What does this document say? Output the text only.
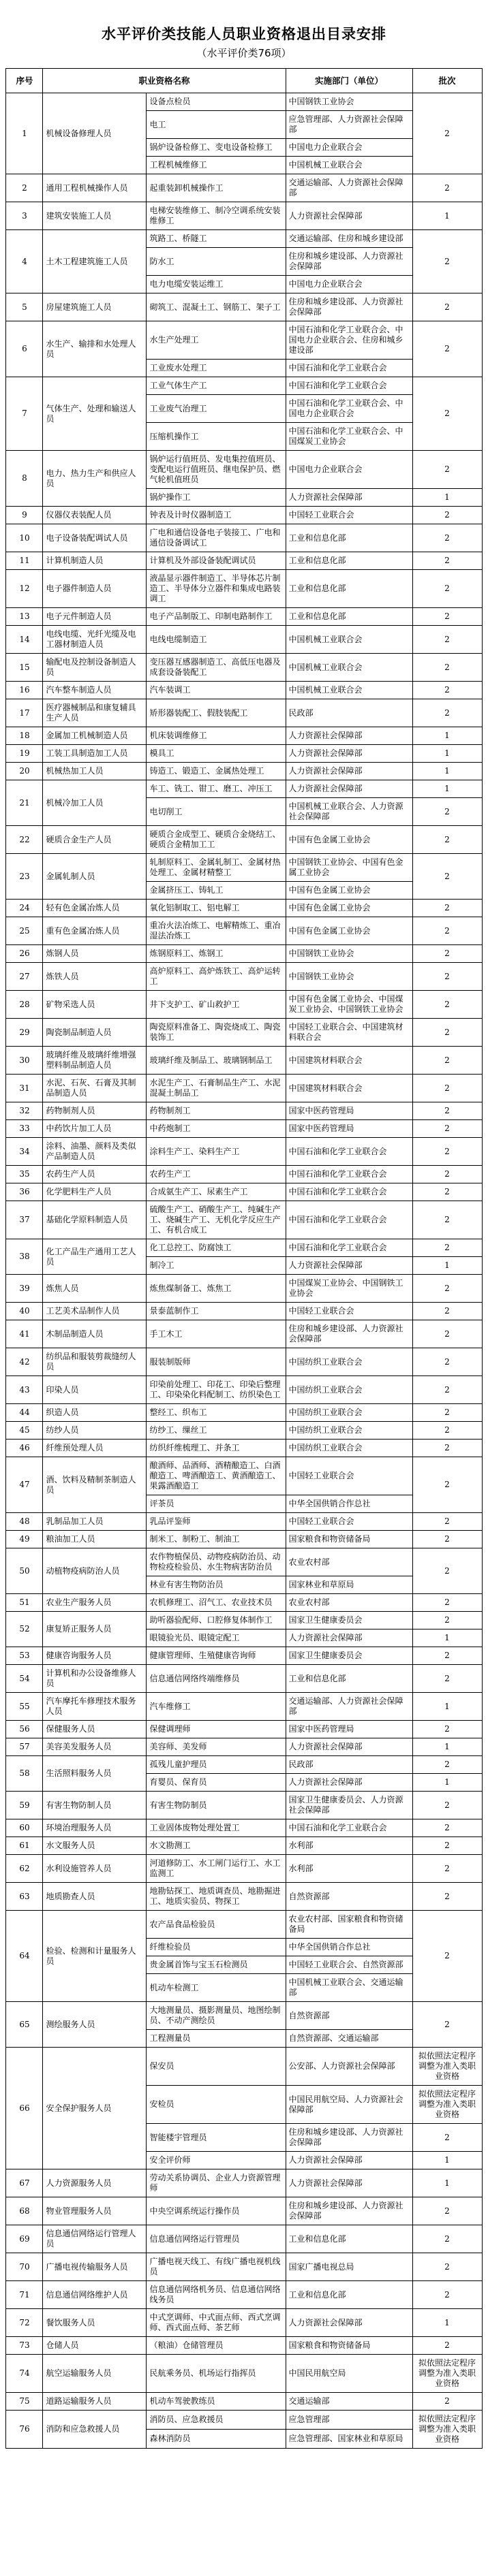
水平评价类技能人员职业资格退出目录安排
（水平评价类76项）
序号	职业资格名称		实施部门（单位）	批次
1	机械设备修理人员	设备点检员	中国钢铁工业协会	2
		电工	应急管理部、人力资源社会保障部	
		锅炉设备检修工、变电设备检修工	中国电力企业联合会	
		工程机械维修工	中国机械工业联合会	
2	通用工程机械操作人员	起重装卸机械操作工	交通运输部、人力资源社会保障部	2
3	建筑安装施工人员	电梯安装维修工、制冷空调系统安装维修工	人力资源社会保障部	1
4	土木工程建筑施工人员	筑路工、桥隧工	交通运输部、住房和城乡建设部	2
		防水工	住房和城乡建设部、人力资源社会保障部	
		电力电缆安装运维工	中国电力企业联合会	
5	房屋建筑施工人员	砌筑工、混凝土工、钢筋工、架子工	住房和城乡建设部、人力资源社会保障部	2
6	水生产、输排和水处理人员	水生产处理工	中国石油和化学工业联合会、中国电力企业联合会、住房和城乡建设部	2
		工业废水处理工	中国石油和化学工业联合会	
7	气体生产、处理和输送人员	工业气体生产工	中国石油和化学工业联合会	2
		工业废气治理工	中国石油和化学工业联合会、中国电力企业联合会	
		压缩机操作工	中国石油和化学工业联合会、中国煤炭工业协会	
8	电力、热力生产和供应人员	锅炉运行值班员、发电集控值班员、变配电运行值班员、继电保护员、燃气轮机值班员	中国电力企业联合会	2
		锅炉操作工	人力资源社会保障部	1
9	仪器仪表装配人员	钟表及计时仪器制造工	中国轻工业联合会	2
10	电子设备装配调试人员	广电和通信设备电子装接工、广电和通信设备调试工	工业和信息化部	2
11	计算机制造人员	计算机及外部设备装配调试员	工业和信息化部	2
12	电子器件制造人员	液晶显示器件制造工、半导体芯片制造工、半导体分立器件和集成电路装调工	工业和信息化部	2
13	电子元件制造人员	电子产品制版工、印制电路制作工	工业和信息化部	2
14	电线电缆、光纤光缆及电工器材制造人员	电线电缆制造工	中国机械工业联合会	2
15	输配电及控制设备制造人员	变压器互感器制造工、高低压电器及成套设备装配工	中国机械工业联合会	2
16	汽车整车制造人员	汽车装调工	中国机械工业联合会	2
17	医疗器械制品和康复辅具生产人员	矫形器装配工、假肢装配工	民政部	2
18	金属加工机械制造人员	机床装调维修工	人力资源社会保障部	1
19	工装工具制造加工人员	模具工	人力资源社会保障部	1
20	机械热加工人员	铸造工、锻造工、金属热处理工	人力资源社会保障部	1
21	机械冷加工人员	车工、铣工、钳工、磨工、冲压工	人力资源社会保障部	1
		电切削工	中国机械工业联合会、人力资源社会保障部	2
22	硬质合金生产人员	硬质合金成型工、硬质合金烧结工、硬质合金精加工工	中国有色金属工业协会	2
23	金属轧制人员	轧制原料工、金属轧制工、金属材热处理工、金属材精整工	中国钢铁工业协会、中国有色金属工业协会	2
		金属挤压工、铸轧工	中国有色金属工业协会	
24	轻有色金属冶炼人员	氧化铝制取工、铝电解工	中国有色金属工业协会	2
25	重有色金属冶炼人员	重冶火法冶炼工、电解精炼工、重冶湿法冶炼工	中国有色金属工业协会	2
26	炼钢人员	炼钢原料工、炼钢工	中国钢铁工业协会	2
27	炼铁人员	高炉原料工、高炉炼铁工、高炉运转工	中国钢铁工业协会	2
28	矿物采选人员	井下支护工、矿山救护工	中国有色金属工业协会、中国煤炭工业协会、中国钢铁工业协会	2
29	陶瓷制品制造人员	陶瓷原料准备工、陶瓷烧成工、陶瓷装饰工	中国轻工业联合会、中国建筑材料联合会	2
30	玻璃纤维及玻璃纤维增强塑料制品制造人员	玻璃纤维及制品工、玻璃钢制品工	中国建筑材料联合会	2
31	水泥、石灰、石膏及其制品制造人员	水泥生产工、石膏制品生产工、水泥混凝土制品工	中国建筑材料联合会	2
32	药物制剂人员	药物制剂工	国家中医药管理局	2
33	中药饮片加工人员	中药炮制工	国家中医药管理局	2
34	涂料、油墨、颜料及类似产品制造人员	涂料生产工、染料生产工	中国石油和化学工业联合会	2
35	农药生产人员	农药生产工	中国石油和化学工业联合会	2
36	化学肥料生产人员	合成氨生产工、尿素生产工	中国石油和化学工业联合会	2
37	基础化学原料制造人员	硫酸生产工、硝酸生产工、纯碱生产工、烧碱生产工、无机化学反应生产工、有机合成工	中国石油和化学工业联合会	2
38	化工产品生产通用工艺人员	化工总控工、防腐蚀工	中国石油和化学工业联合会	2
		制冷工	人力资源社会保障部	1
39	炼焦人员	炼焦煤制备工、炼焦工	中国煤炭工业协会、中国钢铁工业协会	2
40	工艺美术品制作人员	景泰蓝制作工	中国轻工业联合会	2
41	木制品制造人员	手工木工	住房和城乡建设部、人力资源社会保障部	2
42	纺织品和服装剪裁缝纫人员	服装制版师	中国纺织工业联合会	2
43	印染人员	印染前处理工、印花工、印染后整理工、印染染化料配制工、纺织染色工	中国纺织工业联合会	2
44	织造人员	整经工、织布工	中国纺织工业联合会	2
45	纺纱人员	纺纱工、缫丝工	中国纺织工业联合会	2
46	纤维预处理人员	纺织纤维梳理工、并条工	中国纺织工业联合会	2
47	酒、饮料及精制茶制造人员	酿酒师、品酒师、酒精酿造工、白酒酿造工、啤酒酿造工、黄酒酿造工、果露酒酿造工	中国轻工业联合会	2
		评茶员	中华全国供销合作总社	
48	乳制品加工人员	乳品评鉴师	中国轻工业联合会	2
49	粮油加工人员	制米工、制粉工、制油工	国家粮食和物资储备局	2
50	动植物疫病防治人员	农作物植保员、动物疫病防治员、动物检疫检验员、水生物病害防治员	农业农村部	2
		林业有害生物防治员	国家林业和草原局	
51	农业生产服务人员	农机修理工、沼气工、农业技术员	农业农村部	2
52	康复矫正服务人员	助听器验配师、口腔修复体制作工	国家卫生健康委员会	2
		眼镜验光员、眼镜定配工	人力资源社会保障部	1
53	健康咨询服务人员	健康管理师、生殖健康咨询师	国家卫生健康委员会	2
54	计算机和办公设备维修人员	信息通信网络终端维修员	工业和信息化部	2
55	汽车摩托车修理技术服务人员	汽车维修工	交通运输部、人力资源社会保障部	1
56	保健服务人员	保健调理师	国家中医药管理局	2
57	美容美发服务人员	美容师、美发师	人力资源社会保障部	1
58	生活照料服务人员	孤残儿童护理员	民政部	2
		育婴员、保育员	人力资源社会保障部	1
59	有害生物防制人员	有害生物防制员	国家卫生健康委员会、人力资源社会保障部	2
60	环境治理服务人员	工业固体废物处理处置工	中国石油和化学工业联合会	2
61	水文服务人员	水文勘测工	水利部	2
62	水利设施管养人员	河道修防工、水工闸门运行工、水工监测工	水利部	2
63	地质勘查人员	地勘钻探工、地质调查员、地勘掘进工、地质实验员、物探工	自然资源部	2
64	检验、检测和计量服务人员	农产品食品检验员	农业农村部、国家粮食和物资储备局	2
		纤维检验员	中华全国供销合作总社	
		贵金属首饰与宝玉石检测员	中国轻工业联合会、自然资源部	
		机动车检测工	中国机械工业联合会、交通运输部	
65	测绘服务人员	大地测量员、摄影测量员、地图绘制员、不动产测绘员	自然资源部	2
		工程测量员	自然资源部、交通运输部	
66	安全保护服务人员	保安员	公安部、人力资源社会保障部	拟依照法定程序调整为准入类职业资格
		安检员	中国民用航空局、人力资源社会保障部	拟依照法定程序调整为准入类职业资格
		智能楼宇管理员	住房和城乡建设部、人力资源社会保障部	2
		安全评价师	人力资源社会保障部	1
67	人力资源服务人员	劳动关系协调员、企业人力资源管理师	人力资源社会保障部	1
68	物业管理服务人员	中央空调系统运行操作员	住房和城乡建设部、人力资源社会保障部	2
69	信息通信网络运行管理人员	信息通信网络运行管理员	工业和信息化部	2
70	广播电视传输服务人员	广播电视天线工、有线广播电视机线员	国家广播电视总局	2
71	信息通信网络维护人员	信息通信网络机务员、信息通信网络线务员	工业和信息化部	2
72	餐饮服务人员	中式烹调师、中式面点师、西式烹调师、西式面点师、茶艺师	人力资源社会保障部	1
73	仓储人员	（粮油）仓储管理员	国家粮食和物资储备局	2
74	航空运输服务人员	民航乘务员、机场运行指挥员	中国民用航空局	拟依照法定程序调整为准入类职业资格
75	道路运输服务人员	机动车驾驶教练员	交通运输部	2
76	消防和应急救援人员	消防员、应急救援员	应急管理部	拟依照法定程序调整为准入类职业资格
		森林消防员	应急管理部、国家林业和草原局	
